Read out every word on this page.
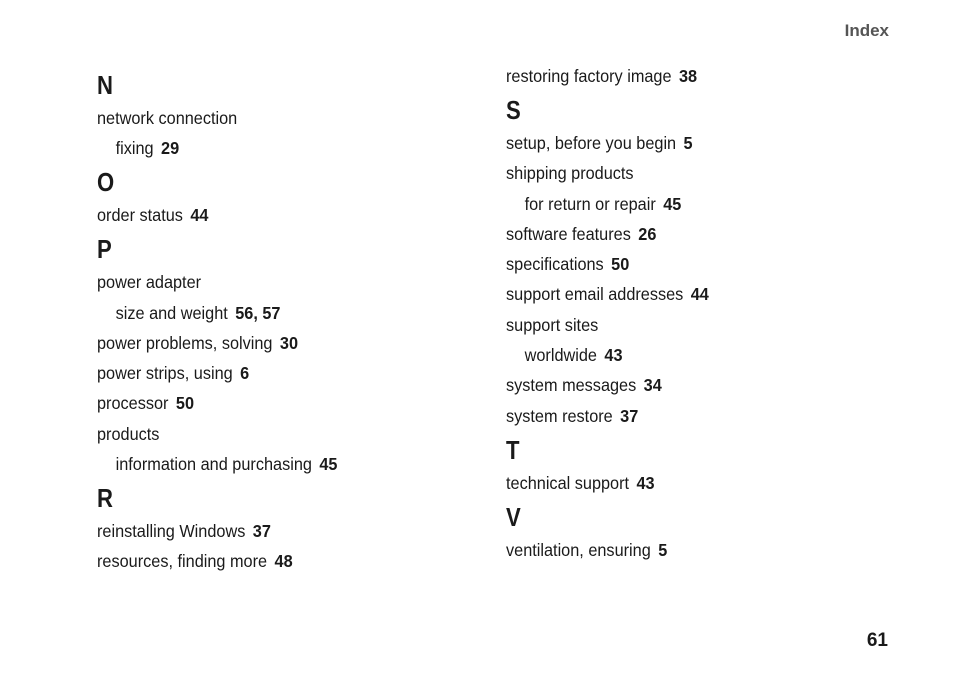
Index
N
network connection
fixing 29
O
order status 44
P
power adapter
size and weight 56, 57
power problems, solving 30
power strips, using 6
processor 50
products
information and purchasing 45
R
reinstalling Windows 37
resources, finding more 48
restoring factory image 38
S
setup, before you begin 5
shipping products
for return or repair 45
software features 26
specifications 50
support email addresses 44
support sites
worldwide 43
system messages 34
system restore 37
T
technical support 43
V
ventilation, ensuring 5
61
